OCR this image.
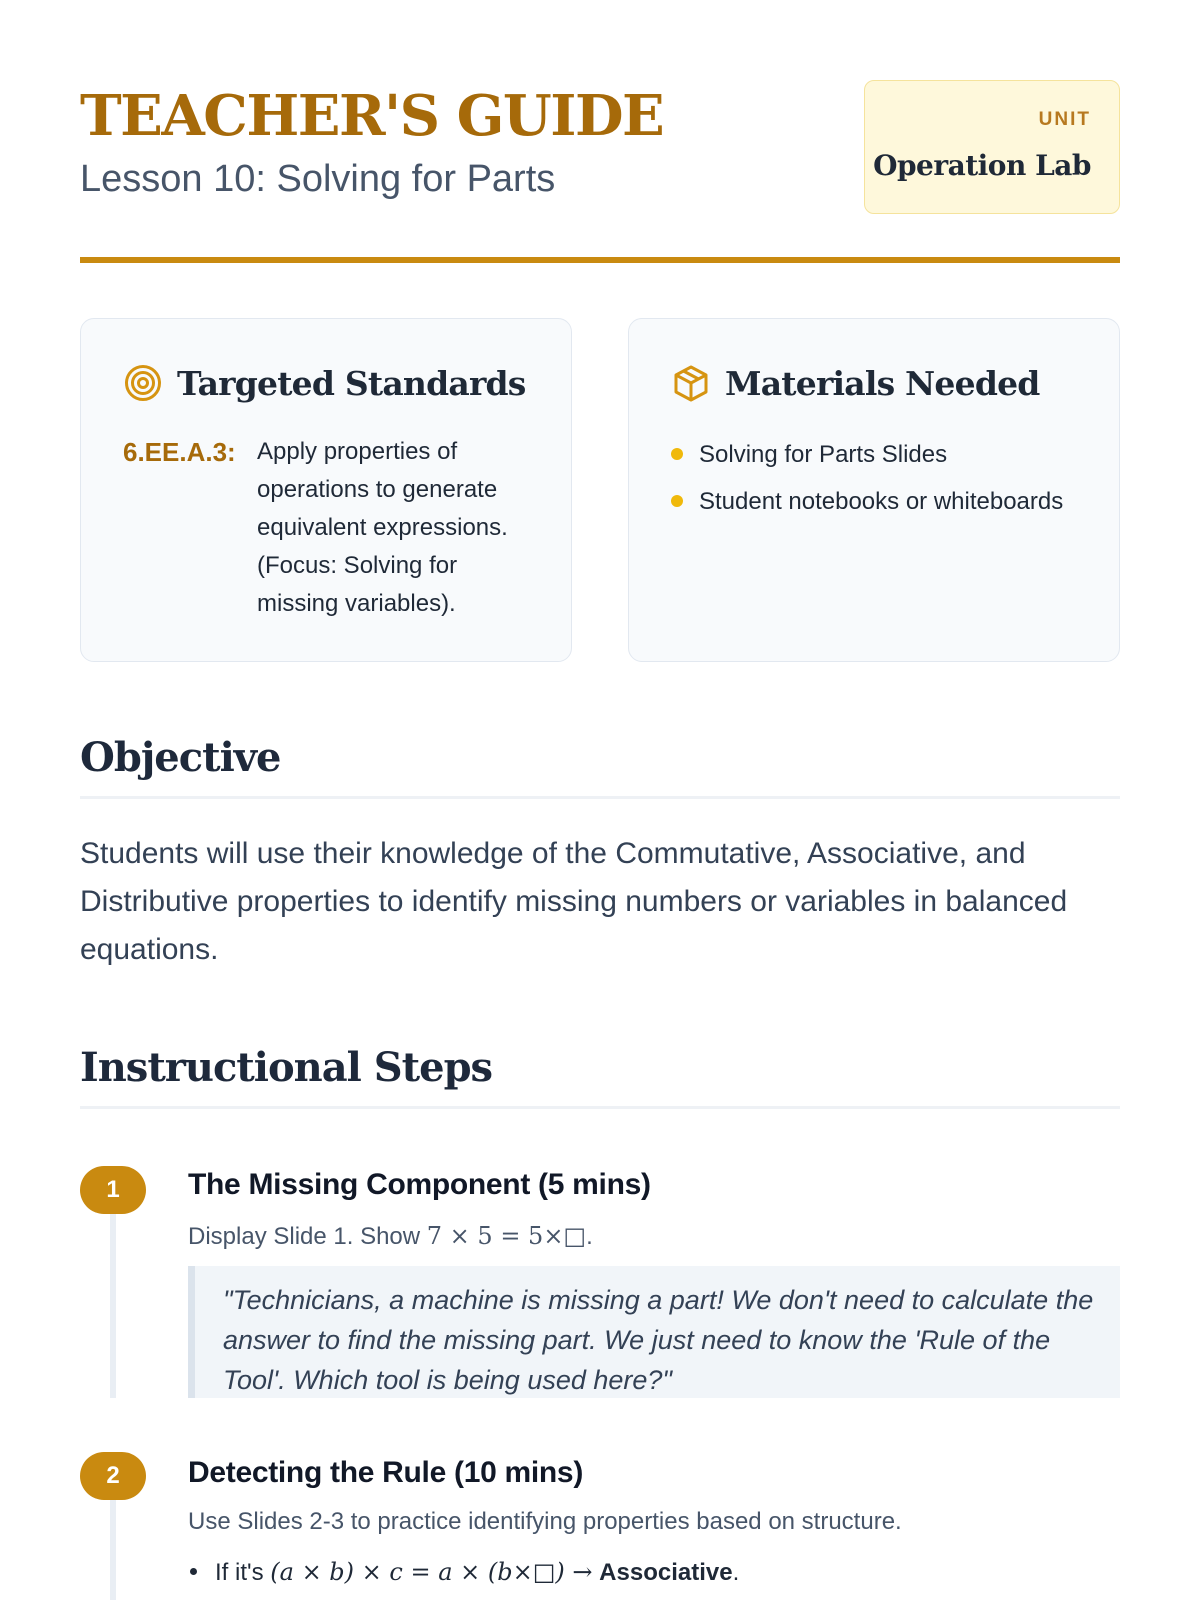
TEACHER'S GUIDE
Lesson 10: Solving for Parts
UNIT
Operation Lab
Targeted Standards
6.EE.A.3: Apply properties of operations to generate equivalent expressions. (Focus: Solving for missing variables).
Materials Needed
Solving for Parts Slides
Student notebooks or whiteboards
Objective
Students will use their knowledge of the Commutative, Associative, and Distributive properties to identify missing numbers or variables in balanced equations.
Instructional Steps
1	The Missing Component (5 mins)
Display Slide 1. Show 7 × 5 = 5×□.
"Technicians, a machine is missing a part! We don't need to calculate the answer to find the missing part. We just need to know the 'Rule of the Tool'. Which tool is being used here?"
2	Detecting the Rule (10 mins)
Use Slides 2-3 to practice identifying properties based on structure.
If it's (a × b) × c = a × (b×□) → Associative.
